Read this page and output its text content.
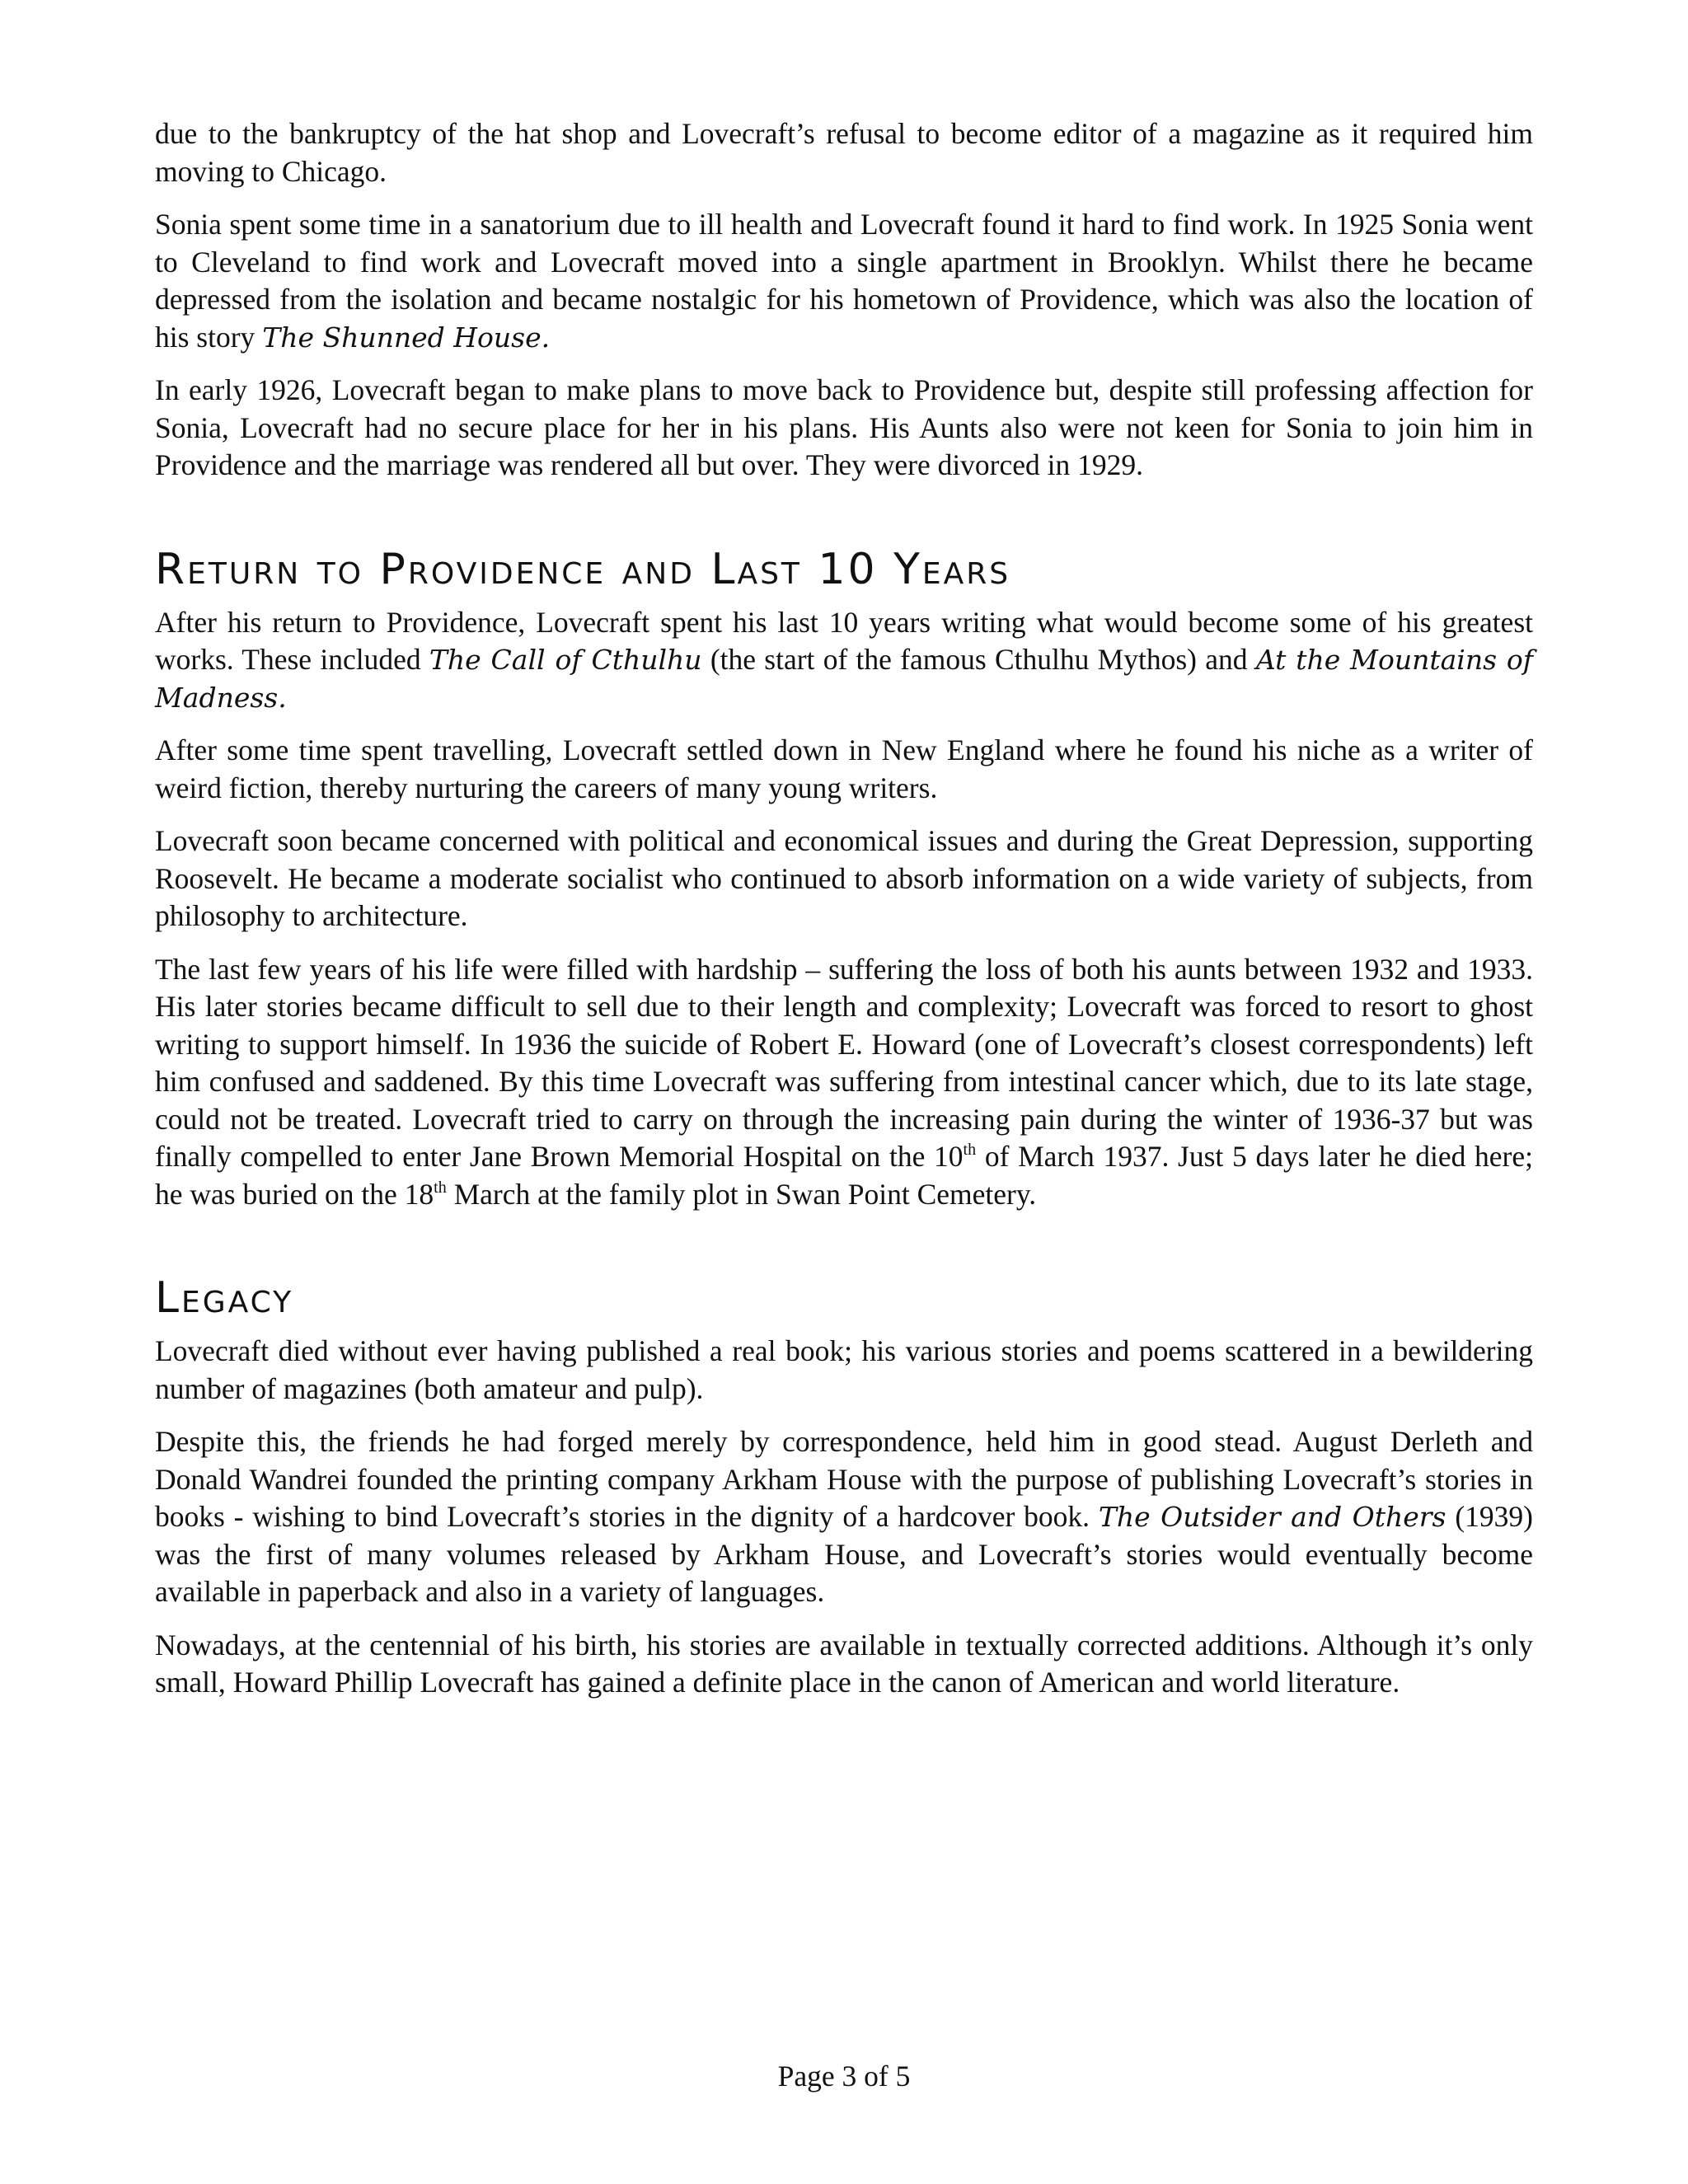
due to the bankruptcy of the hat shop and Lovecraft’s refusal to become editor of a magazine as it required him moving to Chicago.

Sonia spent some time in a sanatorium due to ill health and Lovecraft found it hard to find work. In 1925 Sonia went to Cleveland to find work and Lovecraft moved into a single apartment in Brooklyn. Whilst there he became depressed from the isolation and became nostalgic for his hometown of Providence, which was also the location of his story The Shunned House.

In early 1926, Lovecraft began to make plans to move back to Providence but, despite still professing affection for Sonia, Lovecraft had no secure place for her in his plans. His Aunts also were not keen for Sonia to join him in Providence and the marriage was rendered all but over. They were divorced in 1929.

Return to Providence and Last 10 Years

After his return to Providence, Lovecraft spent his last 10 years writing what would become some of his greatest works. These included The Call of Cthulhu (the start of the famous Cthulhu Mythos) and At the Mountains of Madness.

After some time spent travelling, Lovecraft settled down in New England where he found his niche as a writer of weird fiction, thereby nurturing the careers of many young writers.

Lovecraft soon became concerned with political and economical issues and during the Great Depression, supporting Roosevelt. He became a moderate socialist who continued to absorb information on a wide variety of subjects, from philosophy to architecture.

The last few years of his life were filled with hardship – suffering the loss of both his aunts between 1932 and 1933. His later stories became difficult to sell due to their length and complexity; Lovecraft was forced to resort to ghost writing to support himself. In 1936 the suicide of Robert E. Howard (one of Lovecraft’s closest correspondents) left him confused and saddened. By this time Lovecraft was suffering from intestinal cancer which, due to its late stage, could not be treated. Lovecraft tried to carry on through the increasing pain during the winter of 1936-37 but was finally compelled to enter Jane Brown Memorial Hospital on the 10th of March 1937. Just 5 days later he died here; he was buried on the 18th March at the family plot in Swan Point Cemetery.

Legacy

Lovecraft died without ever having published a real book; his various stories and poems scattered in a bewildering number of magazines (both amateur and pulp).

Despite this, the friends he had forged merely by correspondence, held him in good stead. August Derleth and Donald Wandrei founded the printing company Arkham House with the purpose of publishing Lovecraft’s stories in books - wishing to bind Lovecraft’s stories in the dignity of a hardcover book. The Outsider and Others (1939) was the first of many volumes released by Arkham House, and Lovecraft’s stories would eventually become available in paperback and also in a variety of languages.

Nowadays, at the centennial of his birth, his stories are available in textually corrected additions. Although it’s only small, Howard Phillip Lovecraft has gained a definite place in the canon of American and world literature.

Page 3 of 5
